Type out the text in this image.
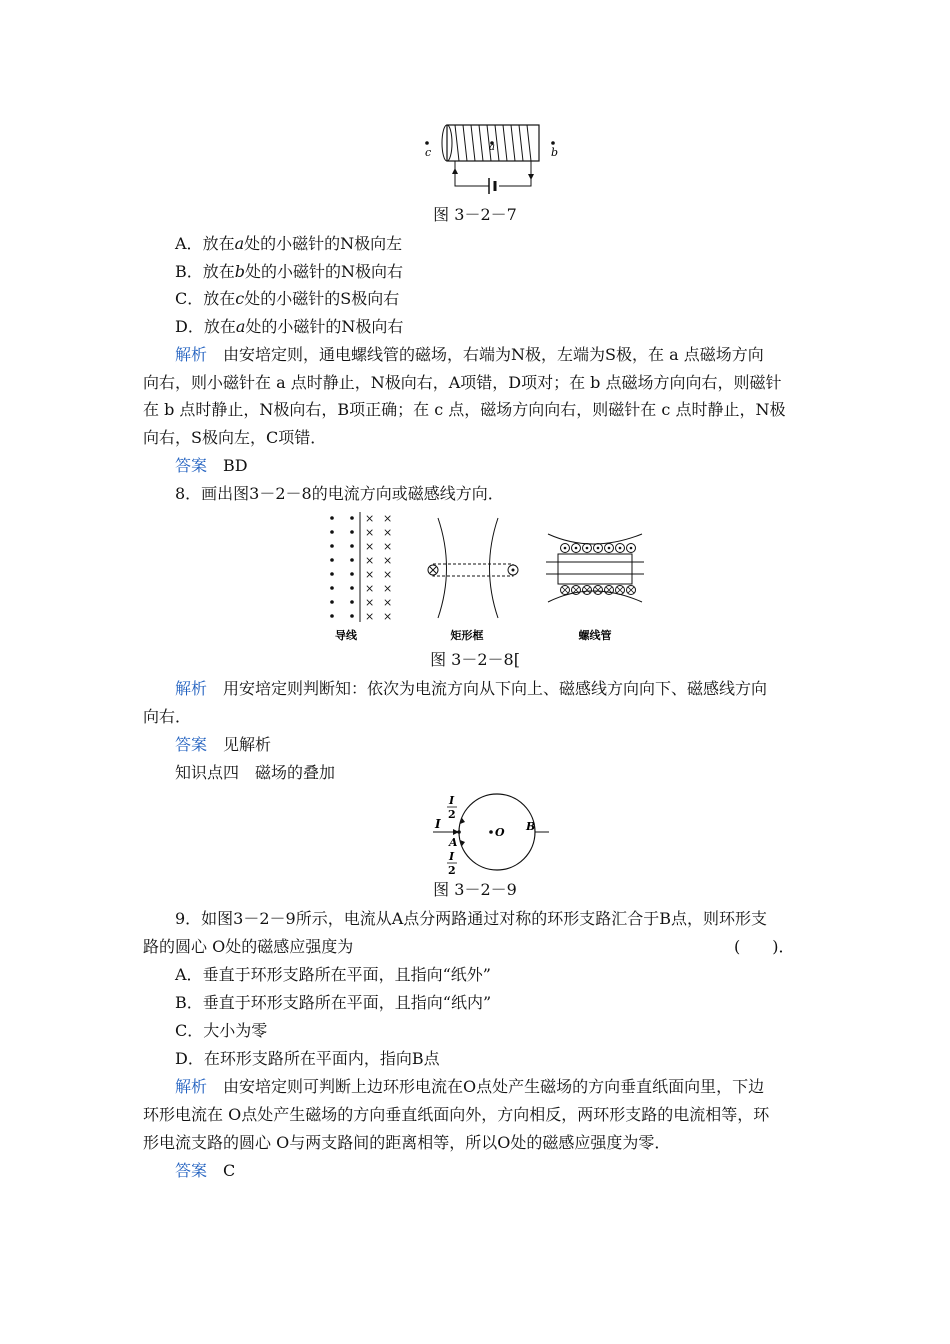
c	a	b
图 3－2－7
A．放在a处的小磁针的N极向左
B．放在b处的小磁针的N极向右
C．放在c处的小磁针的S极向右
D．放在a处的小磁针的N极向右
解析　 由安培定则，通电螺线管的磁场，右端为N极，左端为S极，在 a 点磁场方向
向右，则小磁针在 a 点时静止，N极向右，A项错，D项对；在 b 点磁场方向向右，则磁针
在 b 点时静止，N极向右，B项正确；在 c 点，磁场方向向右，则磁针在 c 点时静止，N极
向右，S极向左，C项错．
答案　 BD
8．画出图3－2－8的电流方向或磁感线方向．
× ×
× ×
× ×
× ×
× ×
× ×
× ×
× ×
导线	矩形框	螺线管
图 3－2－8[
解析　 用安培定则判断知：依次为电流方向从下向上、磁感线方向向下、磁感线方向
向右．
答案　 见解析
知识点四　磁场的叠加
I
2
I
A
I
2
O B
图 3－2－9
9．如图3－2－9所示，电流从A点分两路通过对称的环形支路汇合于B点，则环形支
路的圆心 O处的磁感应强度为	(　　)．
A．垂直于环形支路所在平面，且指向“纸外”
B．垂直于环形支路所在平面，且指向“纸内”
C．大小为零
D．在环形支路所在平面内，指向B点
解析　 由安培定则可判断上边环形电流在O点处产生磁场的方向垂直纸面向里，下边
环形电流在 O点处产生磁场的方向垂直纸面向外，方向相反，两环形支路的电流相等，环
形电流支路的圆心 O与两支路间的距离相等，所以O处的磁感应强度为零．
答案　 C
